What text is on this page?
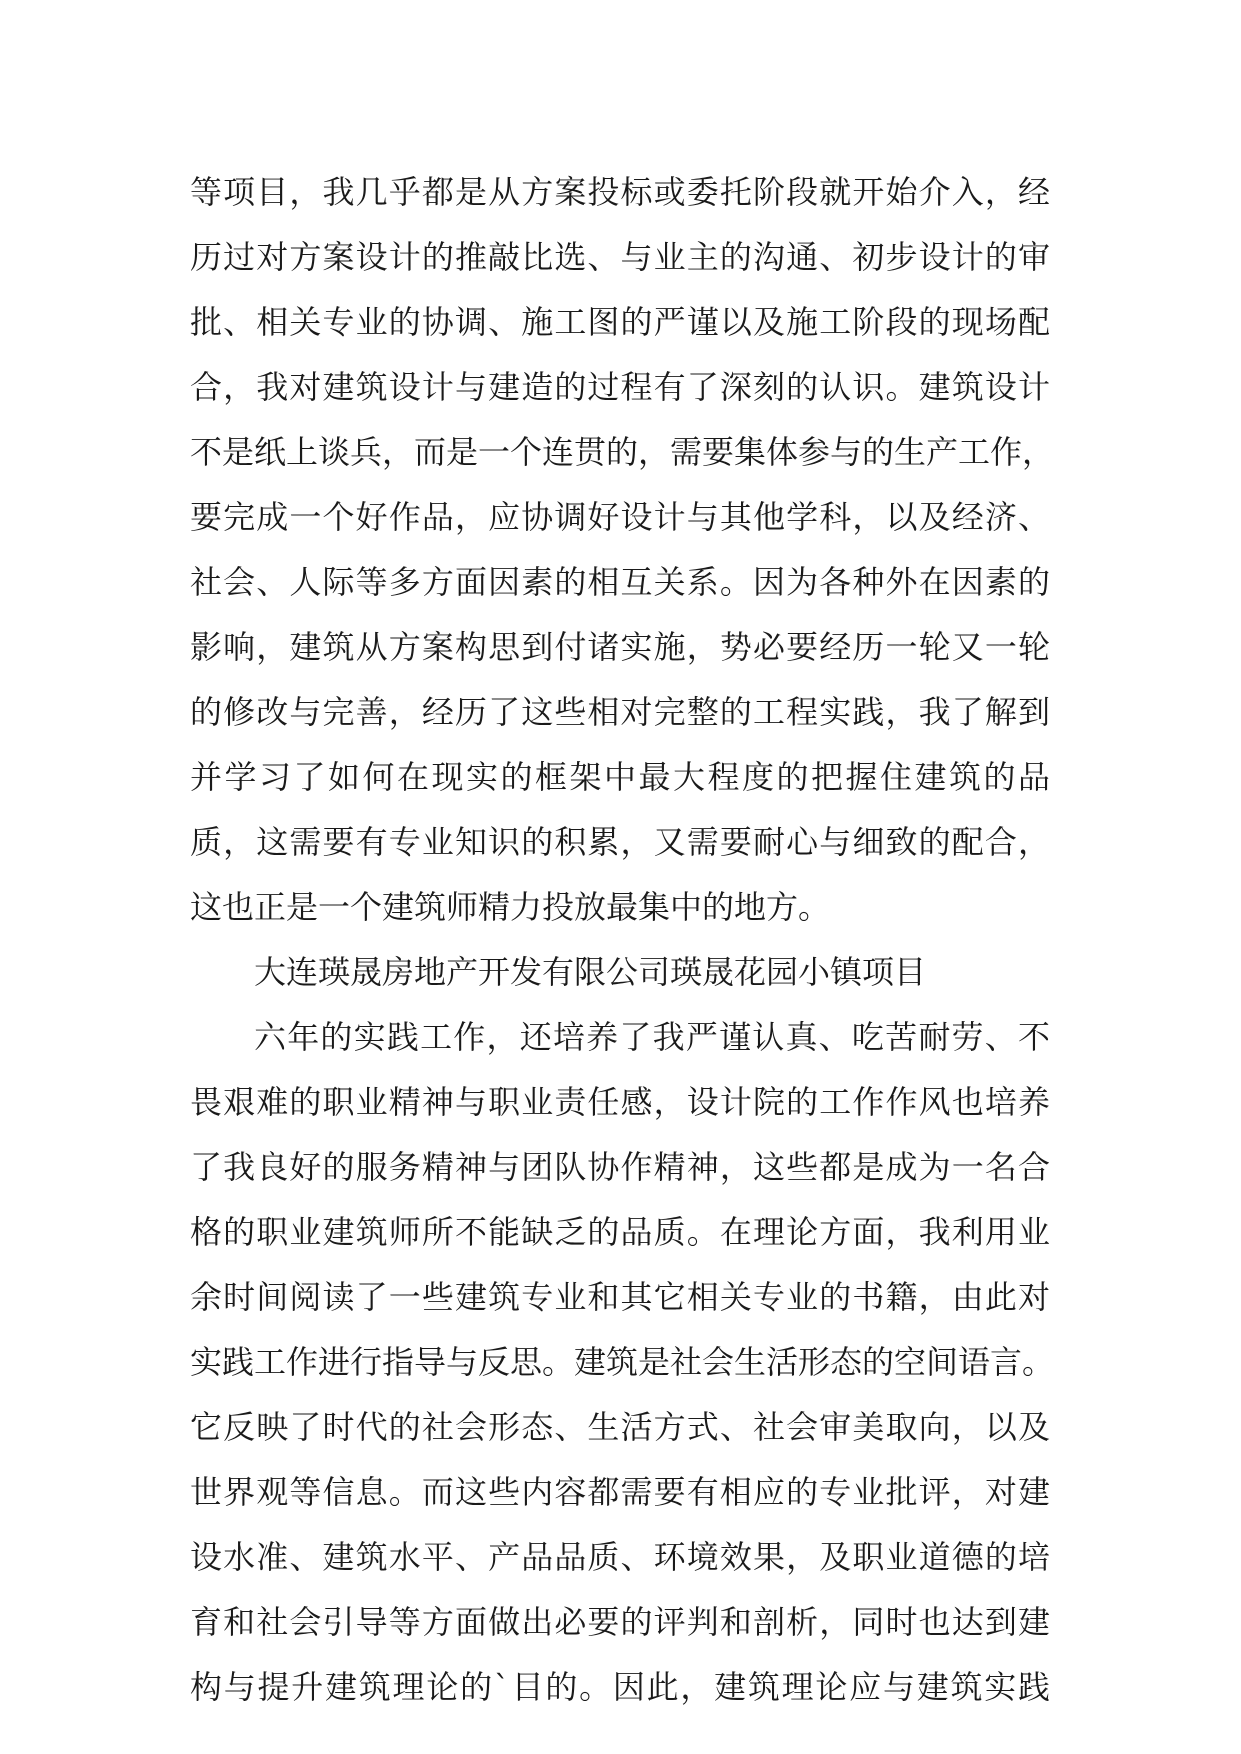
等项目，我几乎都是从方案投标或委托阶段就开始介入，经
历过对方案设计的推敲比选、与业主的沟通、初步设计的审
批、相关专业的协调、施工图的严谨以及施工阶段的现场配
合，我对建筑设计与建造的过程有了深刻的认识。建筑设计
不是纸上谈兵，而是一个连贯的，需要集体参与的生产工作，
要完成一个好作品，应协调好设计与其他学科，以及经济、
社会、人际等多方面因素的相互关系。因为各种外在因素的
影响，建筑从方案构思到付诸实施，势必要经历一轮又一轮
的修改与完善，经历了这些相对完整的工程实践，我了解到
并学习了如何在现实的框架中最大程度的把握住建筑的品
质，这需要有专业知识的积累，又需要耐心与细致的配合，
这也正是一个建筑师精力投放最集中的地方。
大连瑛晟房地产开发有限公司瑛晟花园小镇项目
六年的实践工作，还培养了我严谨认真、吃苦耐劳、不
畏艰难的职业精神与职业责任感，设计院的工作作风也培养
了我良好的服务精神与团队协作精神，这些都是成为一名合
格的职业建筑师所不能缺乏的品质。在理论方面，我利用业
余时间阅读了一些建筑专业和其它相关专业的书籍，由此对
实践工作进行指导与反思。建筑是社会生活形态的空间语言。
它反映了时代的社会形态、生活方式、社会审美取向，以及
世界观等信息。而这些内容都需要有相应的专业批评，对建
设水准、建筑水平、产品品质、环境效果，及职业道德的培
育和社会引导等方面做出必要的评判和剖析，同时也达到建
构与提升建筑理论的`目的。因此，建筑理论应与建筑实践
